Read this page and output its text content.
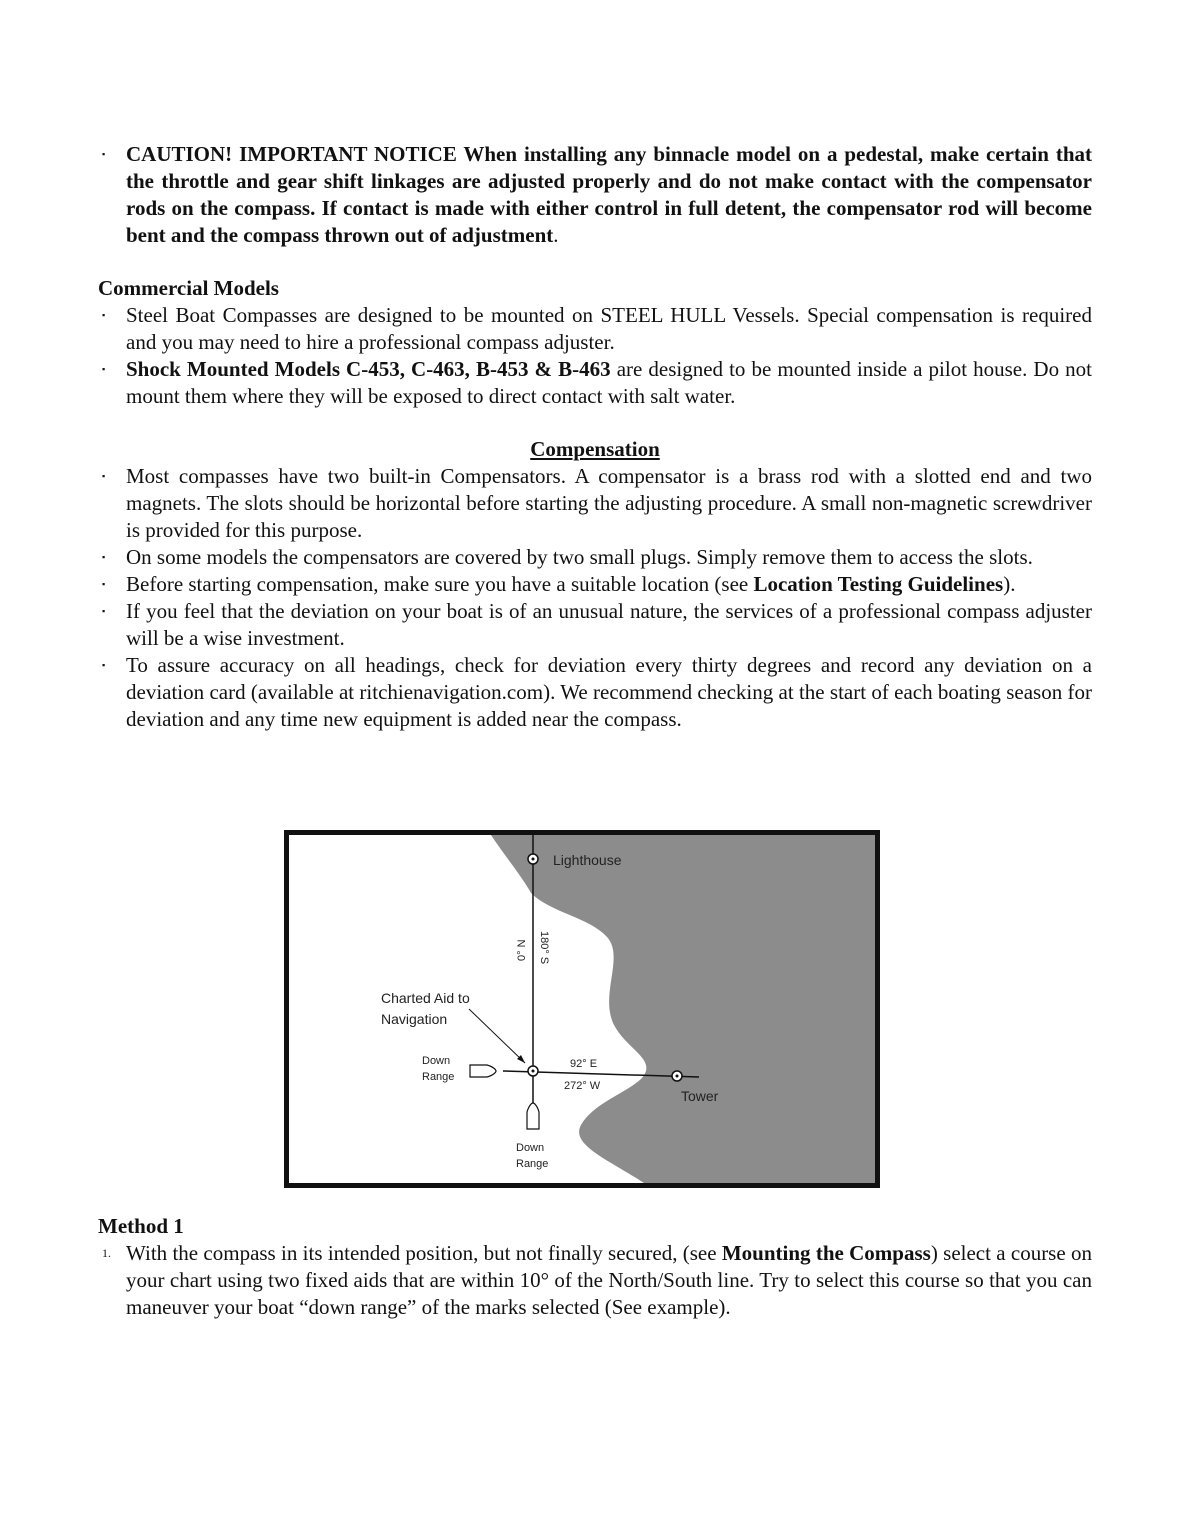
▪ CAUTION! IMPORTANT NOTICE When installing any binnacle model on a pedestal, make certain that the throttle and gear shift linkages are adjusted properly and do not make contact with the compensator rods on the compass. If contact is made with either control in full detent, the compensator rod will become bent and the compass thrown out of adjustment.
Commercial Models
▪ Steel Boat Compasses are designed to be mounted on STEEL HULL Vessels. Special compensation is required and you may need to hire a professional compass adjuster.
▪ Shock Mounted Models C-453, C-463, B-453 & B-463 are designed to be mounted inside a pilot house. Do not mount them where they will be exposed to direct contact with salt water.
Compensation
▪ Most compasses have two built-in Compensators. A compensator is a brass rod with a slotted end and two magnets. The slots should be horizontal before starting the adjusting procedure. A small non-magnetic screwdriver is provided for this purpose.
▪ On some models the compensators are covered by two small plugs. Simply remove them to access the slots.
▪ Before starting compensation, make sure you have a suitable location (see Location Testing Guidelines).
▪ If you feel that the deviation on your boat is of an unusual nature, the services of a professional compass adjuster will be a wise investment.
▪ To assure accuracy on all headings, check for deviation every thirty degrees and record any deviation on a deviation card (available at ritchienavigation.com). We recommend checking at the start of each boating season for deviation and any time new equipment is added near the compass.
Lighthouse
0° N 180° S
Charted Aid to
Navigation
Down
Range
92° E
272° W
Tower
Down
Range
Method 1
1. With the compass in its intended position, but not finally secured, (see Mounting the Compass) select a course on your chart using two fixed aids that are within 10° of the North/South line. Try to select this course so that you can maneuver your boat “down range” of the marks selected (See example).
